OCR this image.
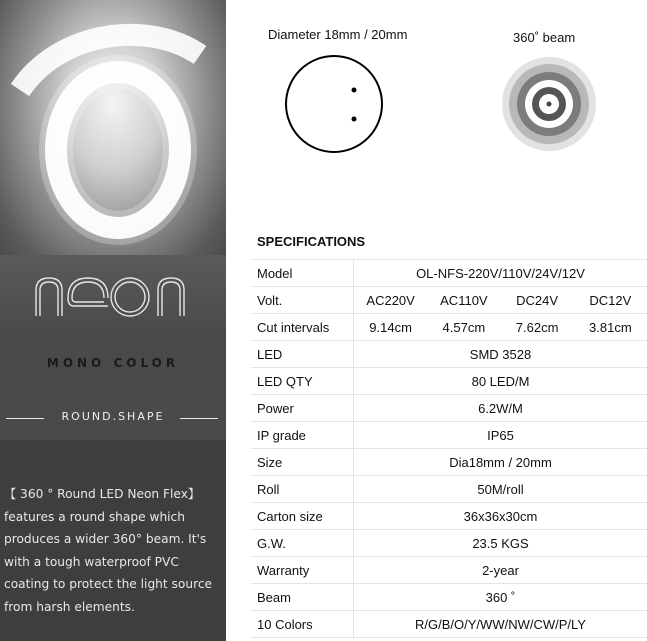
neon
MONO COLOR
ROUND.SHAPE

【 360 ° Round LED Neon Flex】

features a round shape which

produces a wider 360° beam. It's

with a tough waterproof PVC

coating to protect the light source

from harsh elements.

Diameter 18mm / 20mm	360˚ beam
SPECIFICATIONS
Model	OL-NFS-220V/110V/24V/12V
Volt.	AC220V AC110V DC24V DC12V

Cut intervals	9.14cm 4.57cm 7.62cm 3.81cm

LED	SMD 3528
LED QTY	80 LED/M
Power	6.2W/M
IP grade	IP65
Size	Dia18mm / 20mm
Roll	50M/roll
Carton size	36x36x30cm
G.W.	23.5 KGS
Warranty	2-year
Beam	360 ˚
10 Colors	R/G/B/O/Y/WW/NW/CW/P/LY
